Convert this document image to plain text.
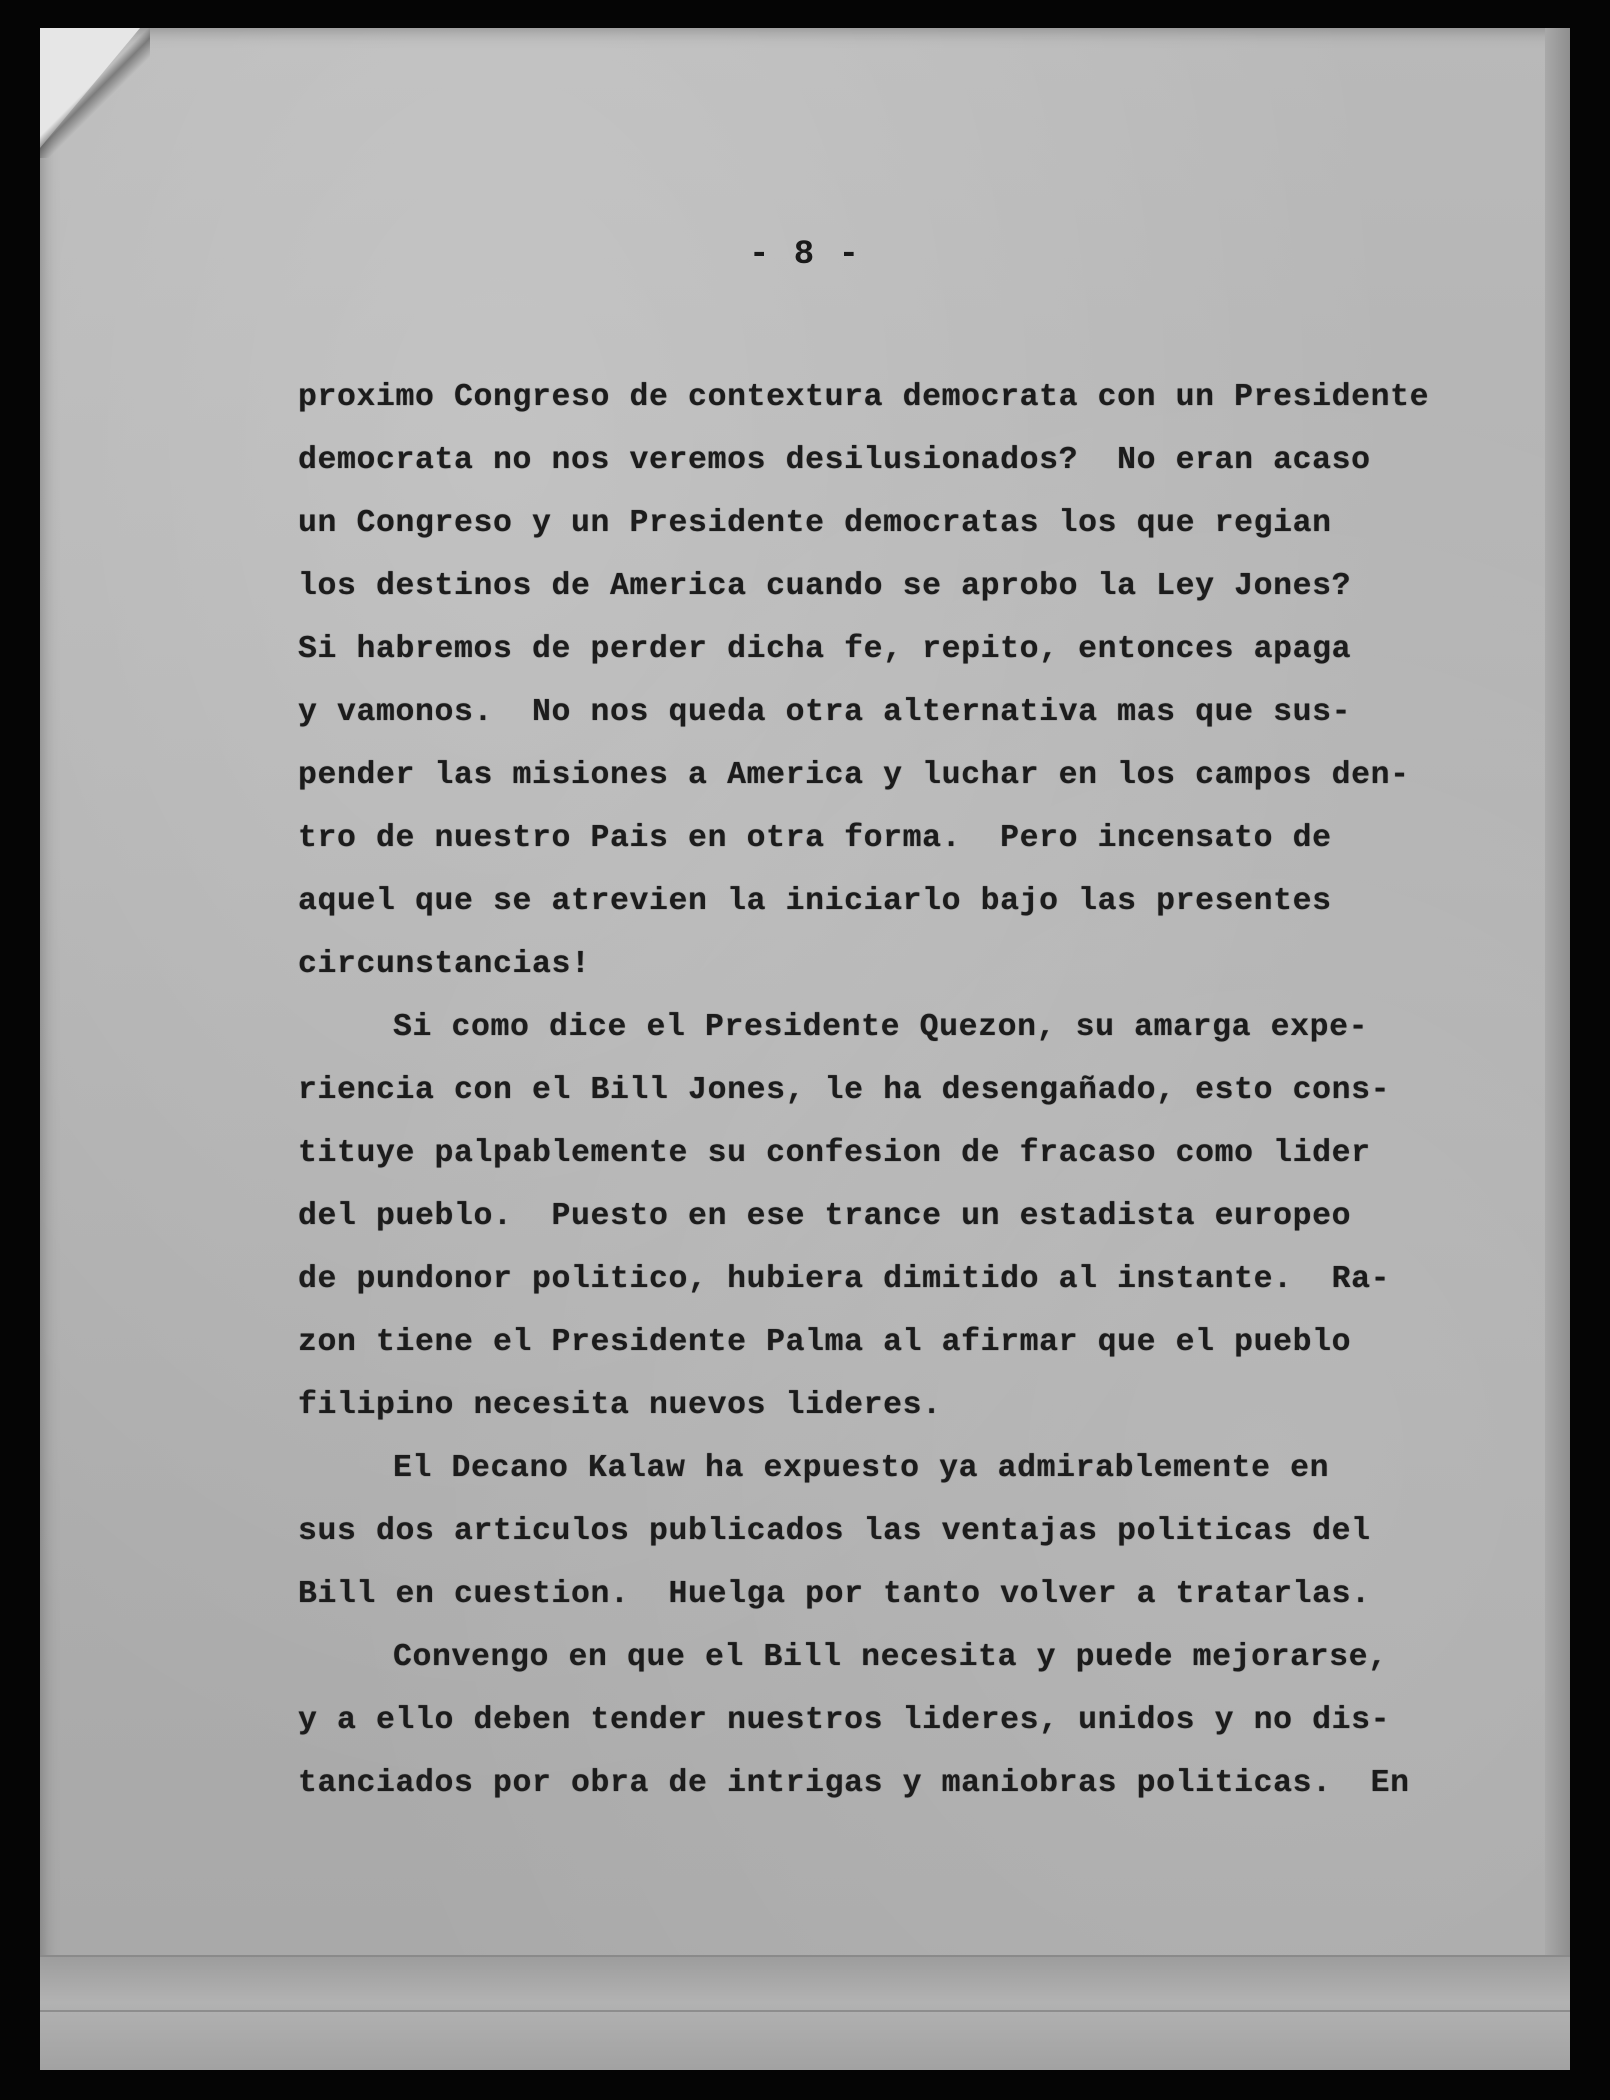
- 8 -
proximo Congreso de contextura democrata con un Presidente
democrata no nos veremos desilusionados?  No eran acaso
un Congreso y un Presidente democratas los que regian
los destinos de America cuando se aprobo la Ley Jones?
Si habremos de perder dicha fe, repito, entonces apaga
y vamonos.  No nos queda otra alternativa mas que sus-
pender las misiones a America y luchar en los campos den-
tro de nuestro Pais en otra forma.  Pero incensato de
aquel que se atrevien la iniciarlo bajo las presentes
circunstancias!
Si como dice el Presidente Quezon, su amarga expe-
riencia con el Bill Jones, le ha desengañado, esto cons-
tituye palpablemente su confesion de fracaso como lider
del pueblo.  Puesto en ese trance un estadista europeo
de pundonor politico, hubiera dimitido al instante.  Ra-
zon tiene el Presidente Palma al afirmar que el pueblo
filipino necesita nuevos lideres.
El Decano Kalaw ha expuesto ya admirablemente en
sus dos articulos publicados las ventajas politicas del
Bill en cuestion.  Huelga por tanto volver a tratarlas.
Convengo en que el Bill necesita y puede mejorarse,
y a ello deben tender nuestros lideres, unidos y no dis-
tanciados por obra de intrigas y maniobras politicas.  En
